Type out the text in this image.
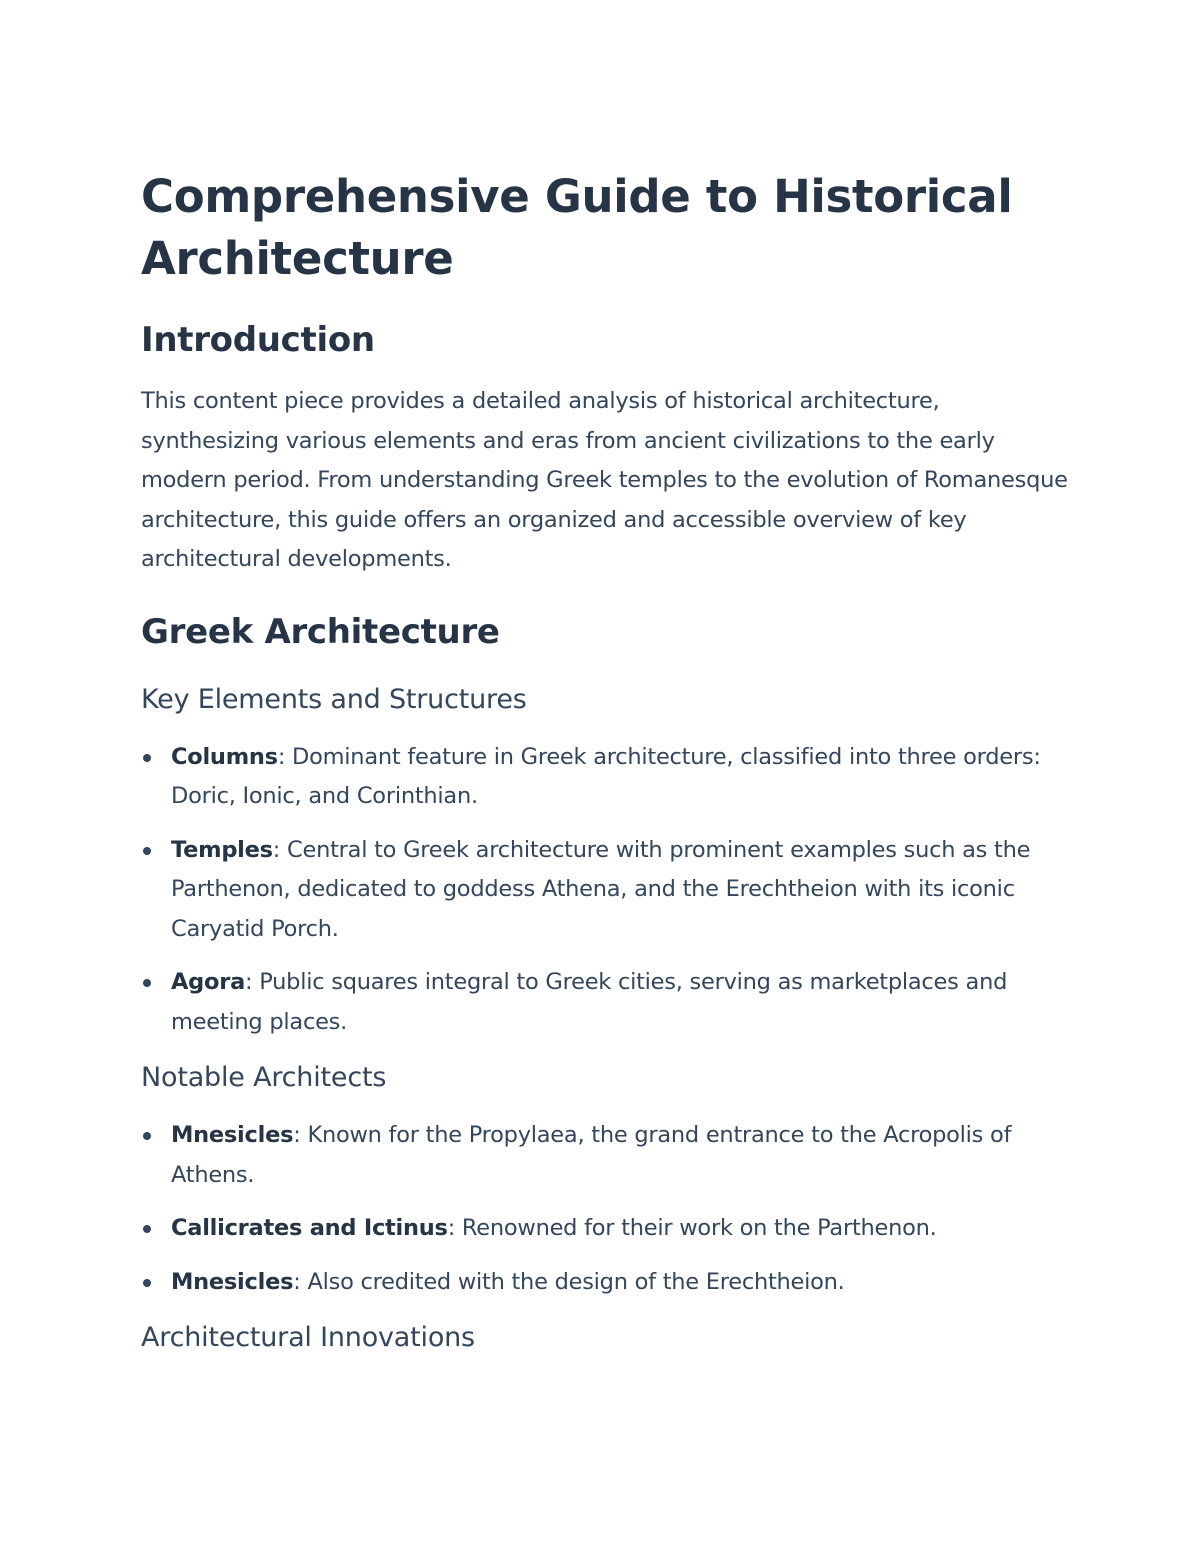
Comprehensive Guide to Historical Architecture
Introduction

This content piece provides a detailed analysis of historical architecture, synthesizing various elements and eras from ancient civilizations to the early modern period. From understanding Greek temples to the evolution of Romanesque architecture, this guide offers an organized and accessible overview of key architectural developments.

Greek Architecture
Key Elements and Structures
Columns: Dominant feature in Greek architecture, classified into three orders: Doric, Ionic, and Corinthian.
Temples: Central to Greek architecture with prominent examples such as the Parthenon, dedicated to goddess Athena, and the Erechtheion with its iconic Caryatid Porch.
Agora: Public squares integral to Greek cities, serving as marketplaces and meeting places.
Notable Architects
Mnesicles: Known for the Propylaea, the grand entrance to the Acropolis of Athens.
Callicrates and Ictinus: Renowned for their work on the Parthenon.
Mnesicles: Also credited with the design of the Erechtheion.
Architectural Innovations
